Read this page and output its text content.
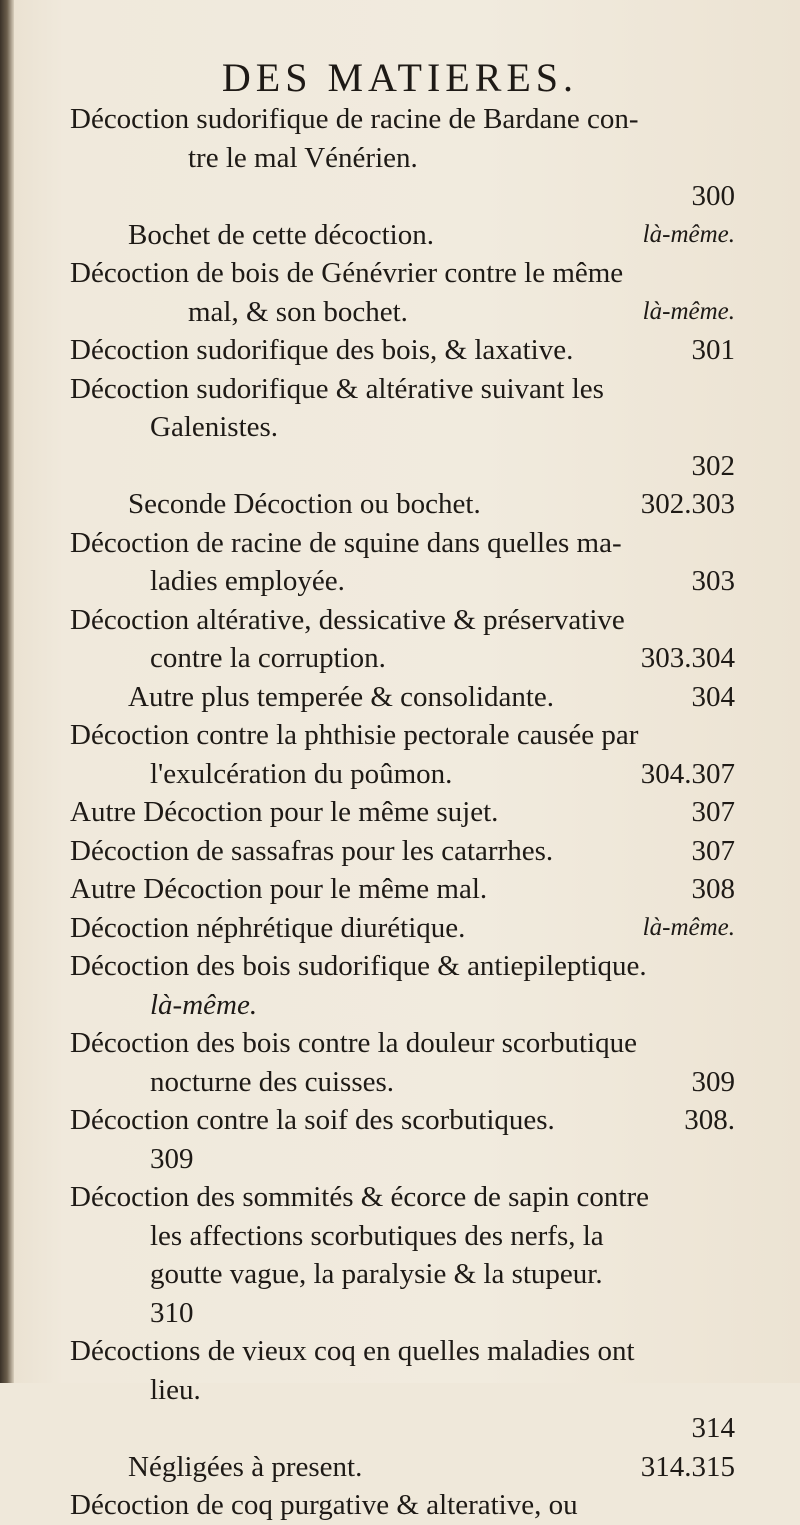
DES MATIERES.
Décoction sudorifique de racine de Bardane con-
tre le mal Vénérien.
300
Bochet de cette décoction.	là-même.
Décoction de bois de Génévrier contre le même
mal, & son bochet.	là-même.
Décoction sudorifique des bois, & laxative.	301
Décoction sudorifique & altérative suivant les
Galenistes.
302
Seconde Décoction ou bochet.	302.303
Décoction de racine de squine dans quelles ma-
ladies employée.	303
Décoction altérative, dessicative & préservative
contre la corruption.	303.304
Autre plus temperée & consolidante.	304
Décoction contre la phthisie pectorale causée par
l'exulcération du poûmon.	304.307
Autre Décoction pour le même sujet.	307
Décoction de sassafras pour les catarrhes.	307
Autre Décoction pour le même mal.	308
Décoction néphrétique diurétique.	là-même.
Décoction des bois sudorifique & antiepileptique.
là-même.
Décoction des bois contre la douleur scorbutique
nocturne des cuisses.	309
Décoction contre la soif des scorbutiques.	308.
309
Décoction des sommités & écorce de sapin contre
les affections scorbutiques des nerfs, la
goutte vague, la paralysie & la stupeur.
310
Décoctions de vieux coq en quelles maladies ont
lieu.
314
Négligées à present.	314.315
Décoction de coq purgative & alterative, ou
